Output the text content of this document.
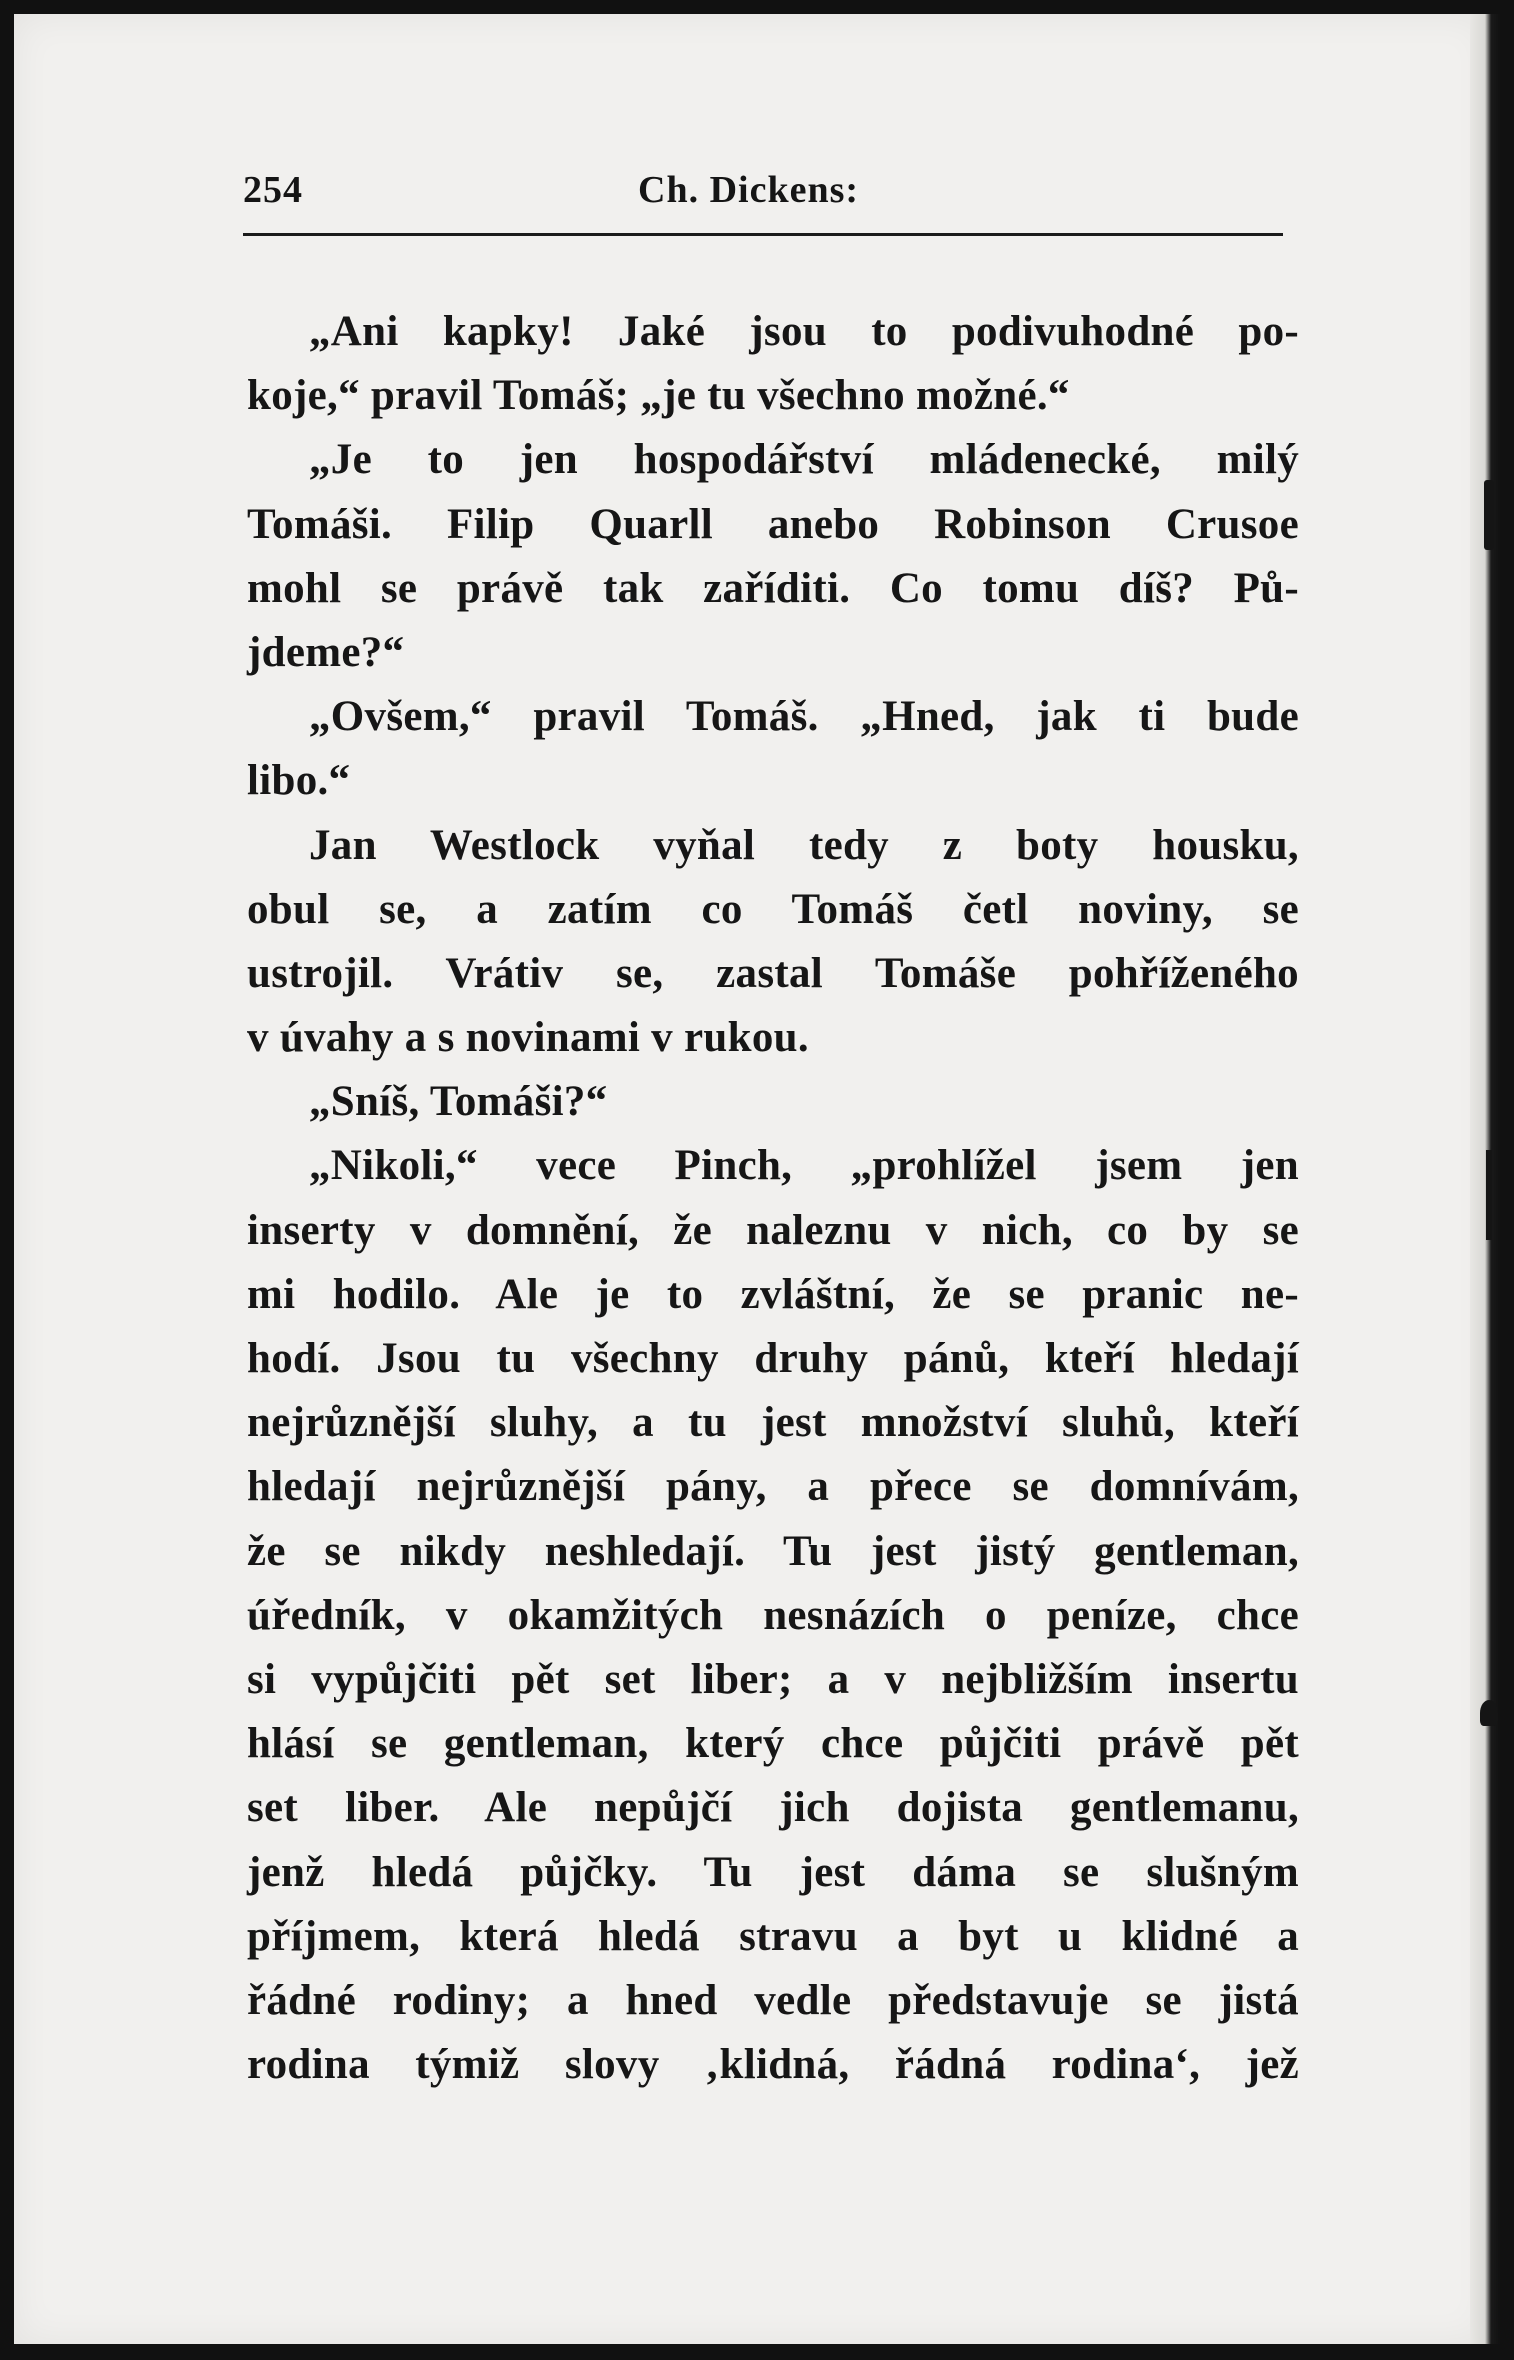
254	Ch. Dickens:
„Ani kapky! Jaké jsou to podivuhodné po-
koje,“ pravil Tomáš; „je tu všechno možné.“
„Je to jen hospodářství mládenecké, milý
Tomáši. Filip Quarll anebo Robinson Crusoe
mohl se právě tak zaříditi. Co tomu díš? Pů-
jdeme?“
„Ovšem,“ pravil Tomáš. „Hned, jak ti bude
libo.“
Jan Westlock vyňal tedy z boty housku,
obul se, a zatím co Tomáš četl noviny, se
ustrojil. Vrátiv se, zastal Tomáše pohříženého
v úvahy a s novinami v rukou.
„Sníš, Tomáši?“
„Nikoli,“ vece Pinch, „prohlížel jsem jen
inserty v domnění, že naleznu v nich, co by se
mi hodilo. Ale je to zvláštní, že se pranic ne-
hodí. Jsou tu všechny druhy pánů, kteří hledají
nejrůznější sluhy, a tu jest množství sluhů, kteří
hledají nejrůznější pány, a přece se domnívám,
že se nikdy neshledají. Tu jest jistý gentleman,
úředník, v okamžitých nesnázích o peníze, chce
si vypůjčiti pět set liber; a v nejbližším insertu
hlásí se gentleman, který chce půjčiti právě pět
set liber. Ale nepůjčí jich dojista gentlemanu,
jenž hledá půjčky. Tu jest dáma se slušným
příjmem, která hledá stravu a byt u klidné a
řádné rodiny; a hned vedle představuje se jistá
rodina týmiž slovy ‚klidná, řádná rodina‘, jež
